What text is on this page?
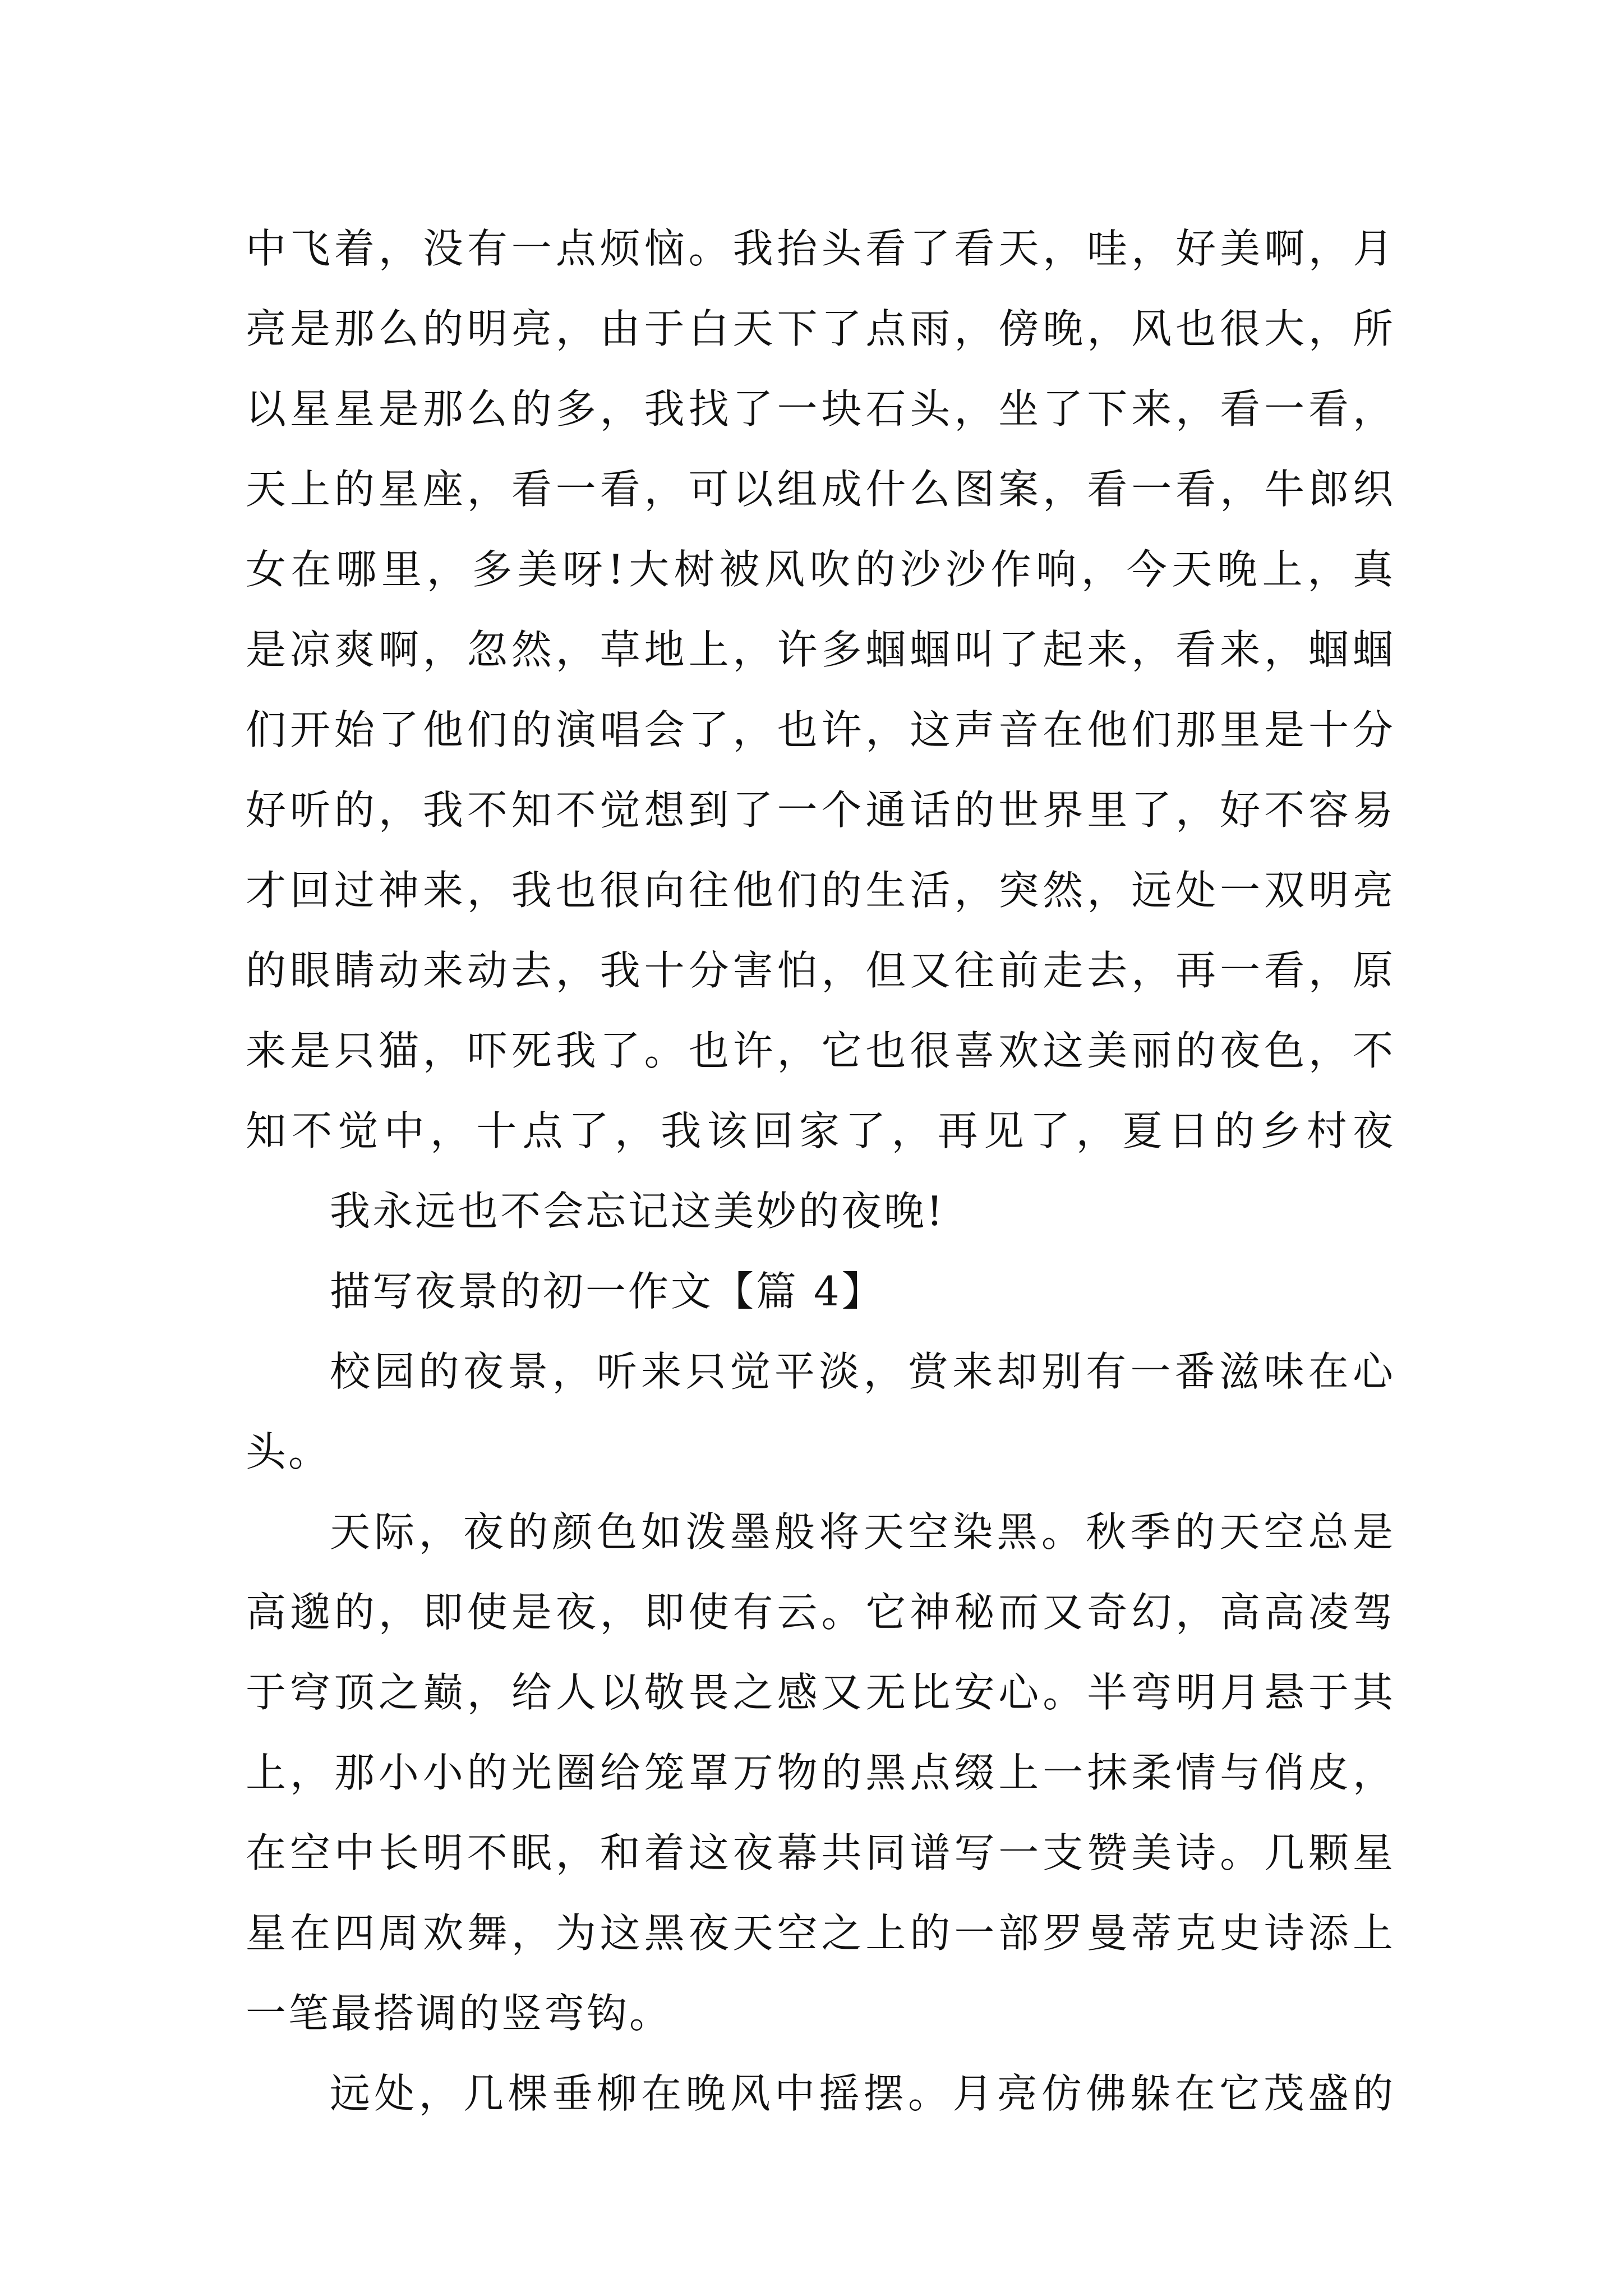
中飞着，没有一点烦恼。我抬头看了看天，哇，好美啊，月
亮是那么的明亮，由于白天下了点雨，傍晚，风也很大，所
以星星是那么的多，我找了一块石头，坐了下来，看一看，
天上的星座，看一看，可以组成什么图案，看一看，牛郎织
女在哪里，多美呀!大树被风吹的沙沙作响，今天晚上，真
是凉爽啊，忽然，草地上，许多蝈蝈叫了起来，看来，蝈蝈
们开始了他们的演唱会了，也许，这声音在他们那里是十分
好听的，我不知不觉想到了一个通话的世界里了，好不容易
才回过神来，我也很向往他们的生活，突然，远处一双明亮
的眼睛动来动去，我十分害怕，但又往前走去，再一看，原
来是只猫，吓死我了。也许，它也很喜欢这美丽的夜色，不
知不觉中，十点了，我该回家了，再见了，夏日的乡村夜
我永远也不会忘记这美妙的夜晚!
描写夜景的初一作文【篇 4】
校园的夜景，听来只觉平淡，赏来却别有一番滋味在心
头。
天际，夜的颜色如泼墨般将天空染黑。秋季的天空总是
高邈的，即使是夜，即使有云。它神秘而又奇幻，高高凌驾
于穹顶之巅，给人以敬畏之感又无比安心。半弯明月悬于其
上，那小小的光圈给笼罩万物的黑点缀上一抹柔情与俏皮，
在空中长明不眠，和着这夜幕共同谱写一支赞美诗。几颗星
星在四周欢舞，为这黑夜天空之上的一部罗曼蒂克史诗添上
一笔最搭调的竖弯钩。
远处，几棵垂柳在晚风中摇摆。月亮仿佛躲在它茂盛的
